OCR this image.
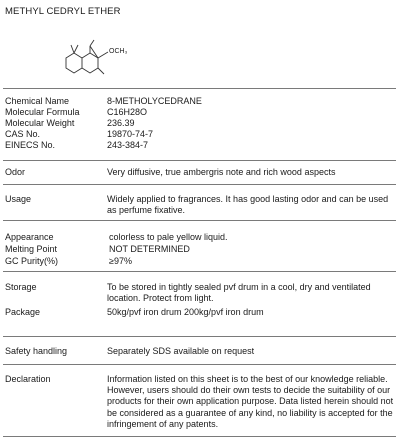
METHYL CEDRYL ETHER
OCH₃
Chemical Name	8-METHOLYCEDRANE
Molecular Formula	C16H28O
Molecular Weight	236.39
CAS No.	19870-74-7
EINECS No.	243-384-7
Odor	Very diffusive, true ambergris note and rich wood aspects
Usage	Widely applied to fragrances. It has good lasting odor and can be used as perfume fixative.
Appearance	colorless to pale yellow liquid.
Melting Point	NOT DETERMINED
GC Purity(%)	≥97%
Storage	To be stored in tightly sealed pvf drum in a cool, dry and ventilated location. Protect from light.
Package	50kg/pvf iron drum 200kg/pvf iron drum
Safety handling	Separately SDS available on request
Declaration	Information listed on this sheet is to the best of our knowledge reliable. However, users should do their own tests to decide the suitability of our products for their own application purpose. Data listed herein should not be considered as a guarantee of any kind, no liability is accepted for the infringement of any patents.
